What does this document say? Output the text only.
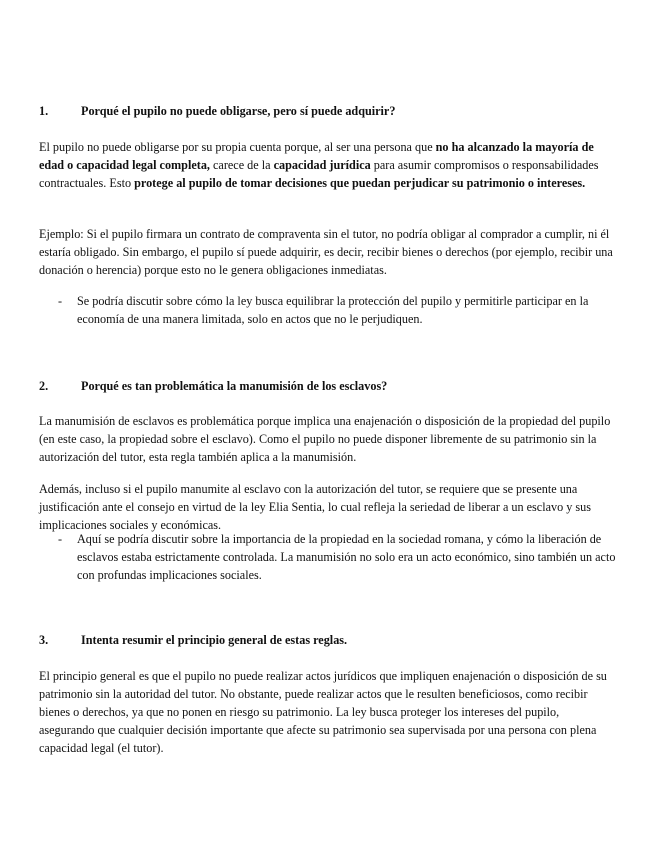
1.	Porqué el pupilo no puede obligarse, pero sí puede adquirir?
El pupilo no puede obligarse por su propia cuenta porque, al ser una persona que no ha alcanzado la mayoría de edad o capacidad legal completa, carece de la capacidad jurídica para asumir compromisos o responsabilidades contractuales. Esto protege al pupilo de tomar decisiones que puedan perjudicar su patrimonio o intereses.
Ejemplo: Si el pupilo firmara un contrato de compraventa sin el tutor, no podría obligar al comprador a cumplir, ni él estaría obligado. Sin embargo, el pupilo sí puede adquirir, es decir, recibir bienes o derechos (por ejemplo, recibir una donación o herencia) porque esto no le genera obligaciones inmediatas.
- Se podría discutir sobre cómo la ley busca equilibrar la protección del pupilo y permitirle participar en la economía de una manera limitada, solo en actos que no le perjudiquen.
2.	Porqué es tan problemática la manumisión de los esclavos?
La manumisión de esclavos es problemática porque implica una enajenación o disposición de la propiedad del pupilo (en este caso, la propiedad sobre el esclavo). Como el pupilo no puede disponer libremente de su patrimonio sin la autorización del tutor, esta regla también aplica a la manumisión.
Además, incluso si el pupilo manumite al esclavo con la autorización del tutor, se requiere que se presente una justificación ante el consejo en virtud de la ley Elia Sentia, lo cual refleja la seriedad de liberar a un esclavo y sus implicaciones sociales y económicas.
- Aquí se podría discutir sobre la importancia de la propiedad en la sociedad romana, y cómo la liberación de esclavos estaba estrictamente controlada. La manumisión no solo era un acto económico, sino también un acto con profundas implicaciones sociales.
3.	Intenta resumir el principio general de estas reglas.
El principio general es que el pupilo no puede realizar actos jurídicos que impliquen enajenación o disposición de su patrimonio sin la autoridad del tutor. No obstante, puede realizar actos que le resulten beneficiosos, como recibir bienes o derechos, ya que no ponen en riesgo su patrimonio. La ley busca proteger los intereses del pupilo, asegurando que cualquier decisión importante que afecte su patrimonio sea supervisada por una persona con plena capacidad legal (el tutor).
